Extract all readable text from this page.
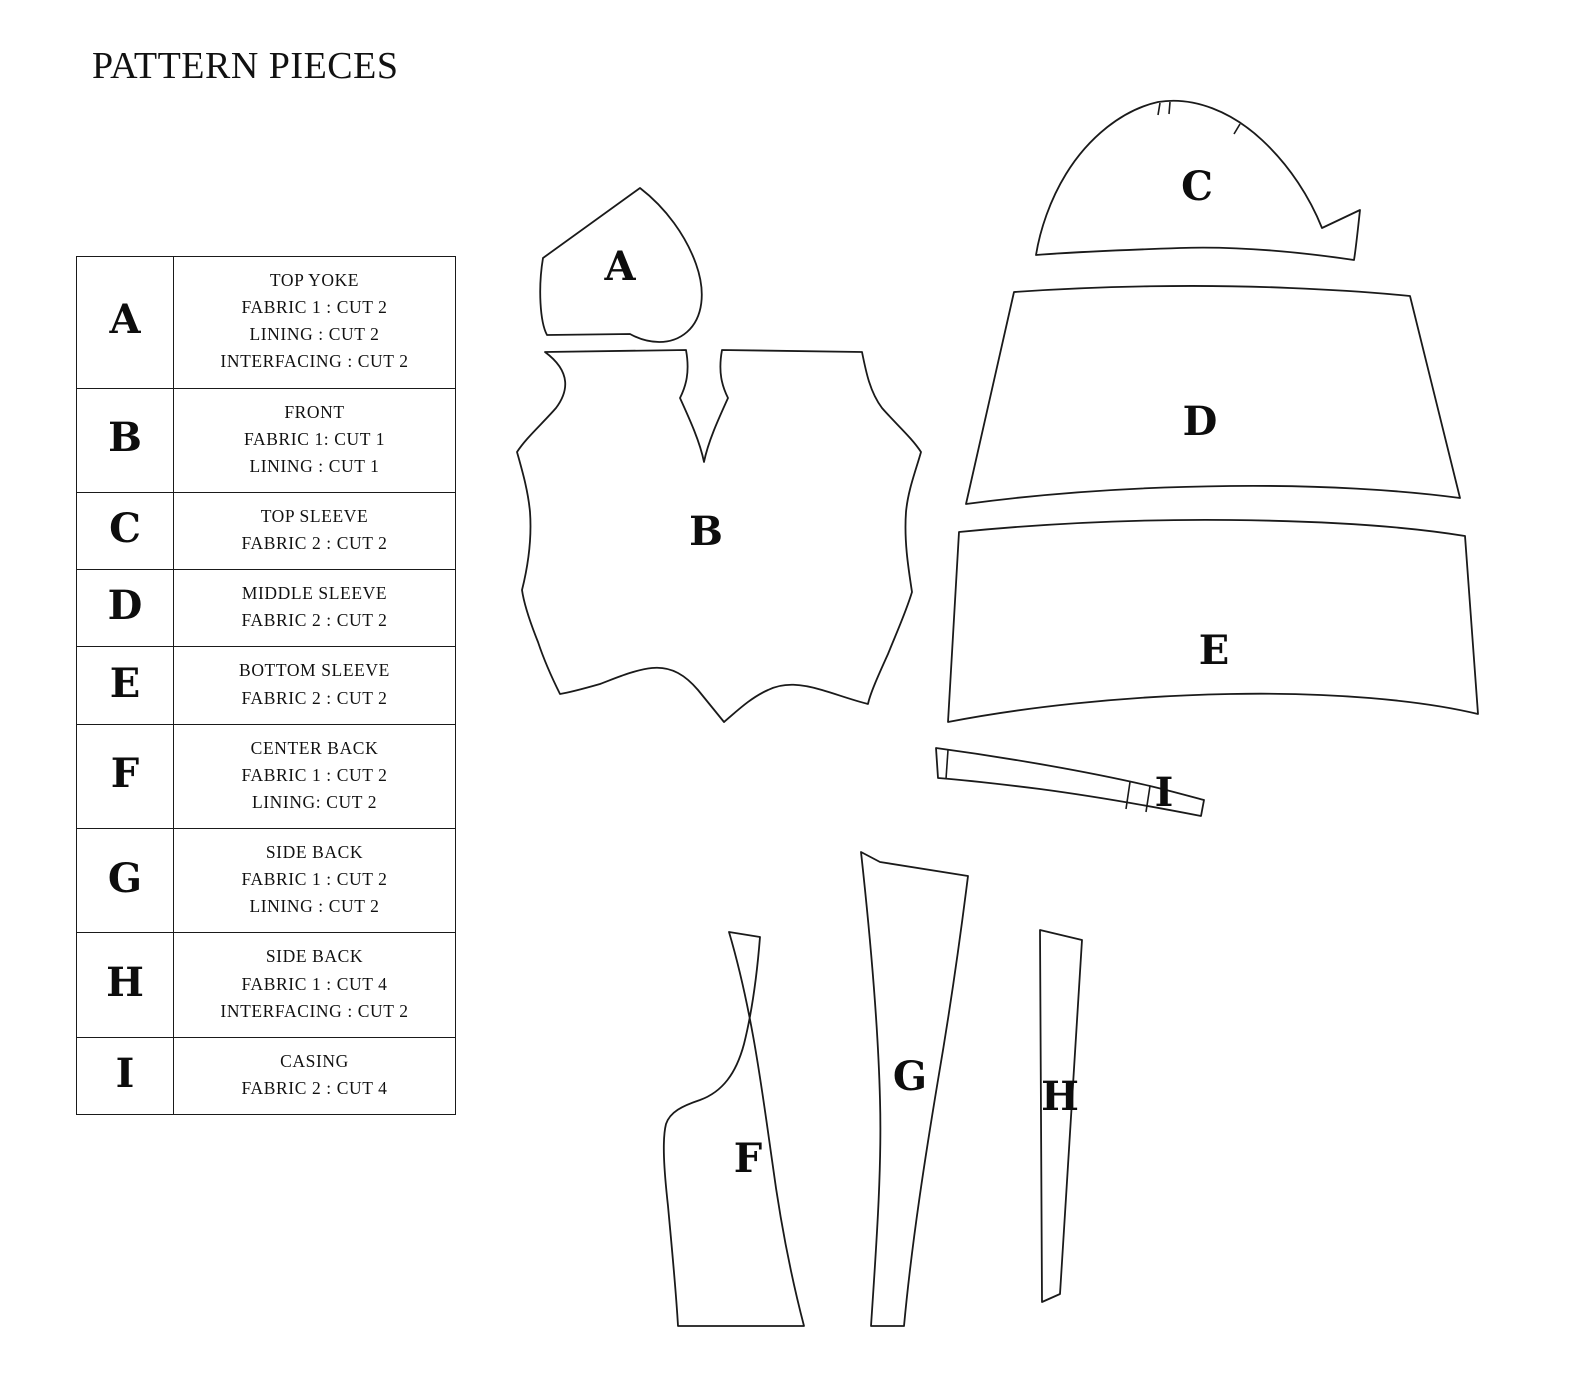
PATTERN PIECES
A	TOP YOKE
FABRIC 1 : CUT 2
LINING : CUT 2
INTERFACING : CUT 2

B	FRONT
FABRIC 1: CUT 1
LINING : CUT 1

C	TOP SLEEVE
FABRIC 2 : CUT 2

D	MIDDLE SLEEVE
FABRIC 2 : CUT 2

E	BOTTOM SLEEVE
FABRIC 2 : CUT 2

F	CENTER BACK
FABRIC 1 : CUT 2
LINING: CUT 2

G	SIDE BACK
FABRIC 1 : CUT 2
LINING : CUT 2

H	SIDE BACK
FABRIC 1 : CUT 4
INTERFACING : CUT 2

I	CASING
FABRIC 2 : CUT 4
A
B
C
D
E
I
F
G	H
